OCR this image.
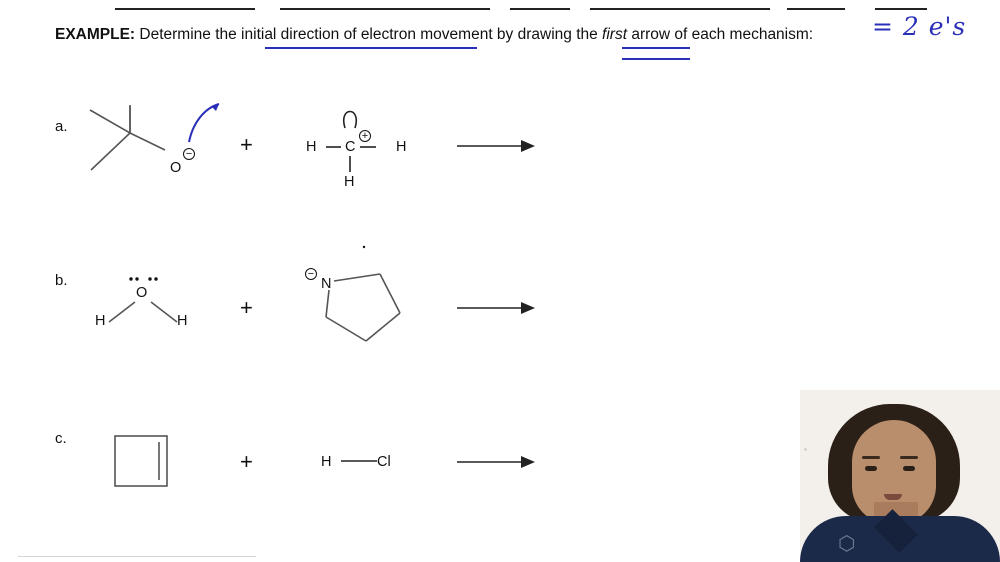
EXAMPLE: Determine the initial direction of electron movement by drawing the first arrow of each mechanism: = 2 e's
a.
O
− +	H C
+
H
H
b.
O
H	H
+
N
−
c.
+	H	Cl
⬡
